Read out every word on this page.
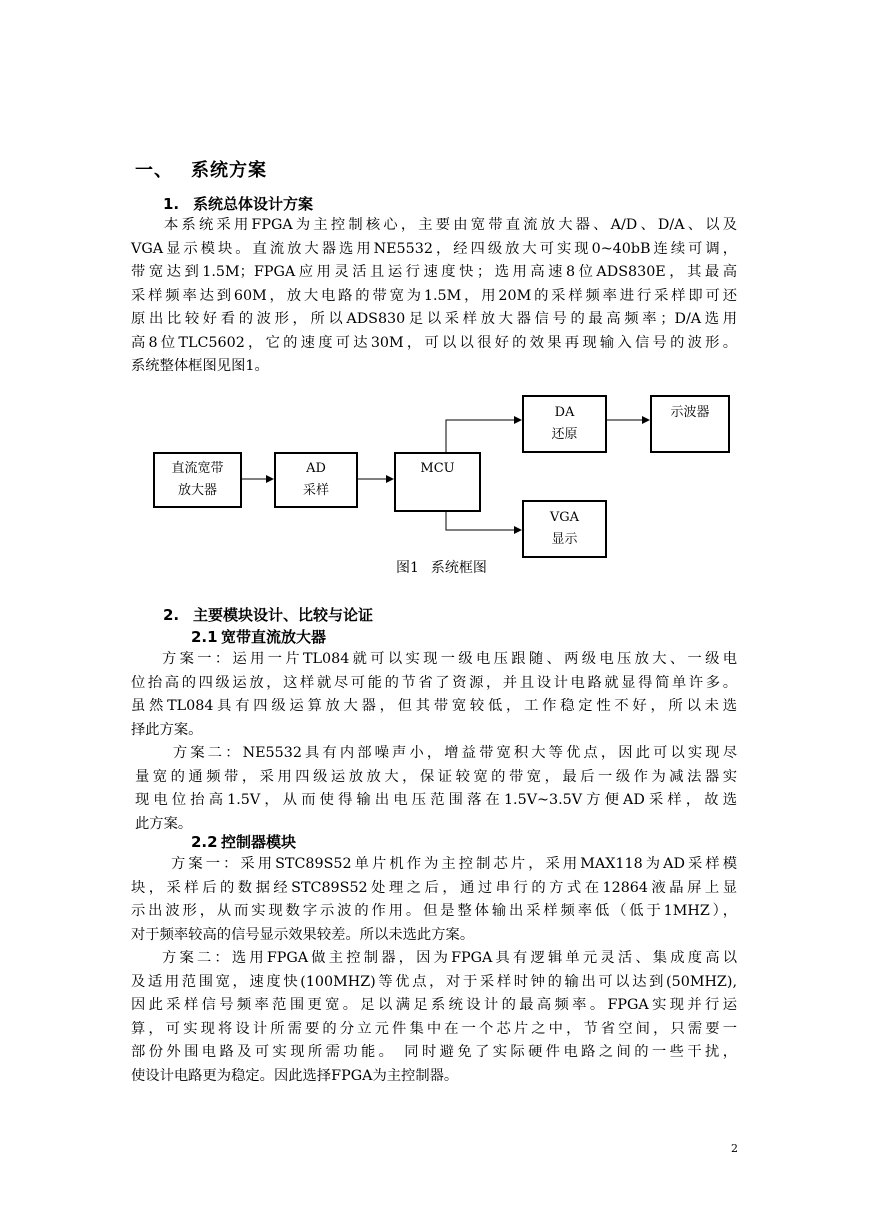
一、 系统方案
1. 系统总体设计方案

本系统采用FPGA为主控制核心，主要由宽带直流放大器、A/D、D/A、以及
VGA显示模块。直流放大器选用NE5532，经四级放大可实现0~40bB连续可调，
带宽达到1.5M；FPGA应用灵活且运行速度快；选用高速8位ADS830E，其最高
采样频率达到60M，放大电路的带宽为1.5M，用20M的采样频率进行采样即可还
原出比较好看的波形，所以ADS830足以采样放大器信号的最高频率；D/A选用
高8位TLC5602，它的速度可达30M，可以以很好的效果再现输入信号的波形。
系统整体框图见图1。

直流宽带
放大器
AD
采样
MCU
DA
还原
示波器
VGA
显示
图1 系统框图
2. 主要模块设计、比较与论证
2.1 宽带直流放大器

方案一：运用一片TL084就可以实现一级电压跟随、两级电压放大、一级电
位抬高的四级运放，这样就尽可能的节省了资源，并且设计电路就显得简单许多。
虽然TL084具有四级运算放大器，但其带宽较低，工作稳定性不好，所以未选
择此方案。

方案二：NE5532具有内部噪声小，增益带宽积大等优点，因此可以实现尽
量宽的通频带，采用四级运放放大，保证较宽的带宽，最后一级作为减法器实
现电位抬高1.5V，从而使得输出电压范围落在1.5V~3.5V方便AD采样，故选
此方案。

2.2 控制器模块

方案一：采用STC89S52单片机作为主控制芯片，采用MAX118为AD采样模
块，采样后的数据经STC89S52处理之后，通过串行的方式在12864液晶屏上显
示出波形，从而实现数字示波的作用。但是整体输出采样频率低（低于1MHZ），
对于频率较高的信号显示效果较差。所以未选此方案。

方案二：选用FPGA做主控制器，因为FPGA具有逻辑单元灵活、集成度高以
及适用范围宽，速度快(100MHZ)等优点，对于采样时钟的输出可以达到(50MHZ),
因此采样信号频率范围更宽。足以满足系统设计的最高频率。FPGA实现并行运
算，可实现将设计所需要的分立元件集中在一个芯片之中，节省空间，只需要一
部份外围电路及可实现所需功能。 同时避免了实际硬件电路之间的一些干扰，
使设计电路更为稳定。因此选择FPGA为主控制器。

2
